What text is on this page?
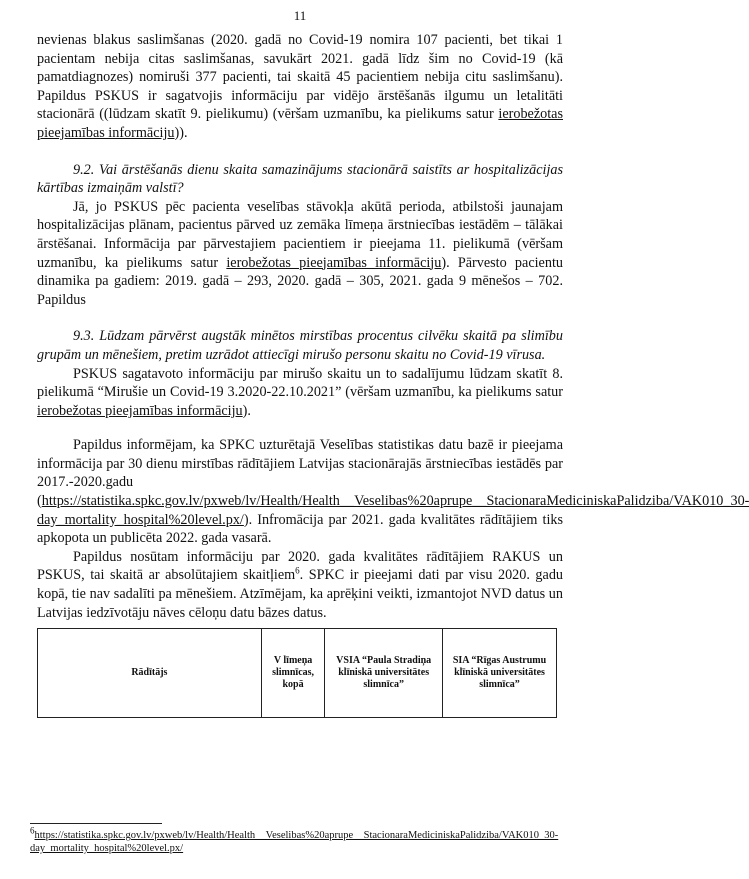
11

nevienas blakus saslimšanas (2020. gadā no Covid-19 nomira 107 pacienti, bet tikai 1 pacientam nebija citas saslimšanas, savukārt 2021. gadā līdz šim no Covid-19 (kā pamatdiagnozes) nomiruši 377 pacienti, tai skaitā 45 pacientiem nebija citu saslimšanu). Papildus PSKUS ir sagatvojis informāciju par vidējo ārstēšanās ilgumu un letalitāti stacionārā ((lūdzam skatīt 9. pielikumu) (vēršam uzmanību, ka pielikums satur ierobežotas pieejamības informāciju)).

9.2. Vai ārstēšanās dienu skaita samazinājums stacionārā saistīts ar hospitalizācijas kārtības izmaiņām valstī?

Jā, jo PSKUS pēc pacienta veselības stāvokļa akūtā perioda, atbilstoši jaunajam hospitalizācijas plānam, pacientus pārved uz zemāka līmeņa ārstniecības iestādēm – tālākai ārstēšanai. Informācija par pārvestajiem pacientiem ir pieejama 11. pielikumā (vēršam uzmanību, ka pielikums satur ierobežotas pieejamības informāciju). Pārvesto pacientu dinamika pa gadiem: 2019. gadā – 293, 2020. gadā – 305, 2021. gada 9 mēnešos – 702. Papildus

9.3. Lūdzam pārvērst augstāk minētos mirstības procentus cilvēku skaitā pa slimību grupām un mēnešiem, pretim uzrādot attiecīgi mirušo personu skaitu no Covid-19 vīrusa.

PSKUS sagatavoto informāciju par mirušo skaitu un to sadalījumu lūdzam skatīt 8. pielikumā “Mirušie un Covid-19 3.2020-22.10.2021” (vēršam uzmanību, ka pielikums satur ierobežotas pieejamības informāciju).

Papildus informējam, ka SPKC uzturētajā Veselības statistikas datu bazē ir pieejama informācija par 30 dienu mirstības rādītājiem Latvijas stacionārajās ārstniecības iestādēs par 2017.-2020.gadu (https://statistika.spkc.gov.lv/pxweb/lv/Health/Health__Veselibas%20aprupe__StacionaraMediciniskaPalidziba/VAK010_30-day_mortality_hospital%20level.px/). Infromācija par 2021. gada kvalitātes rādītājiem tiks apkopota un publicēta 2022. gada vasarā.

Papildus nosūtam informāciju par 2020. gada kvalitātes rādītājiem RAKUS un PSKUS, tai skaitā ar absolūtajiem skaitļiem$^6$. SPKC ir pieejami dati par visu 2020. gadu kopā, tie nav sadalīti pa mēnešiem. Atzīmējam, ka aprēķini veikti, izmantojot NVD datus un Latvijas iedzīvotāju nāves cēloņu datu bāzes datus.

Rādītājs	V līmeņa slimnīcas, kopā	VSIA “Paula Stradiņa klīniskā universitātes slimnīca”	SIA “Rīgas Austrumu klīniskā universitātes slimnīca”
$^6$https://statistika.spkc.gov.lv/pxweb/lv/Health/Health__Veselibas%20aprupe__StacionaraMedicinіskaPalidziba/VAK010_30-day_mortality_hospital%20level.px/
